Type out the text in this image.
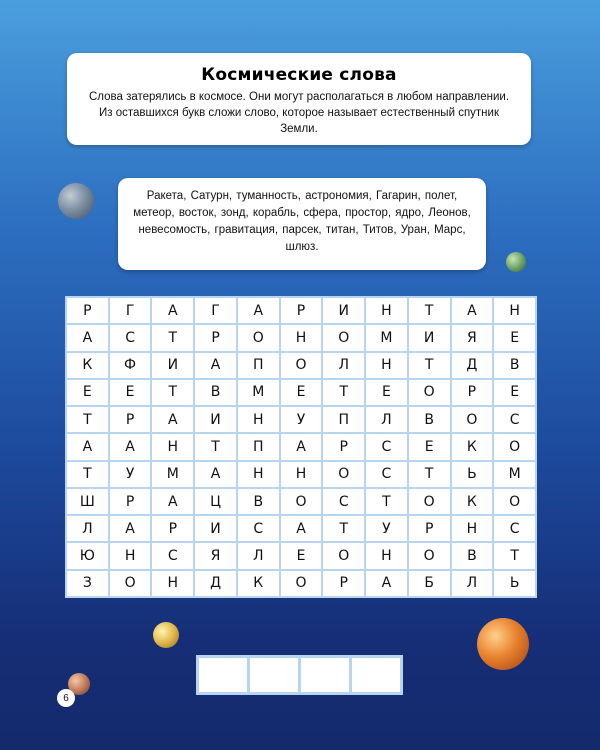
Космические слова
Слова затерялись в космосе. Они могут располагаться в любом направлении. Из оставшихся букв сложи слово, которое называет естественный спутник Земли.
Ракета, Сатурн, туманность, астрономия, Гагарин, полет, метеор, восток, зонд, корабль, сфера, простор, ядро, Леонов, невесомость, гравитация, парсек, титан, Титов, Уран, Марс, шлюз.
Р	Г	А	Г	А	Р	И	Н	Т	А	Н
А	С	Т	Р	О	Н	О	М	И	Я	Е
К	Ф	И	А	П	О	Л	Н	Т	Д	В
Е	Е	Т	В	М	Е	Т	Е	О	Р	Е
Т	Р	А	И	Н	У	П	Л	В	О	С
А	А	Н	Т	П	А	Р	С	Е	К	О
Т	У	М	А	Н	Н	О	С	Т	Ь	М
Ш	Р	А	Ц	В	О	С	Т	О	К	О
Л	А	Р	И	С	А	Т	У	Р	Н	С
Ю	Н	С	Я	Л	Е	О	Н	О	В	Т
З	О	Н	Д	К	О	Р	А	Б	Л	Ь
6
